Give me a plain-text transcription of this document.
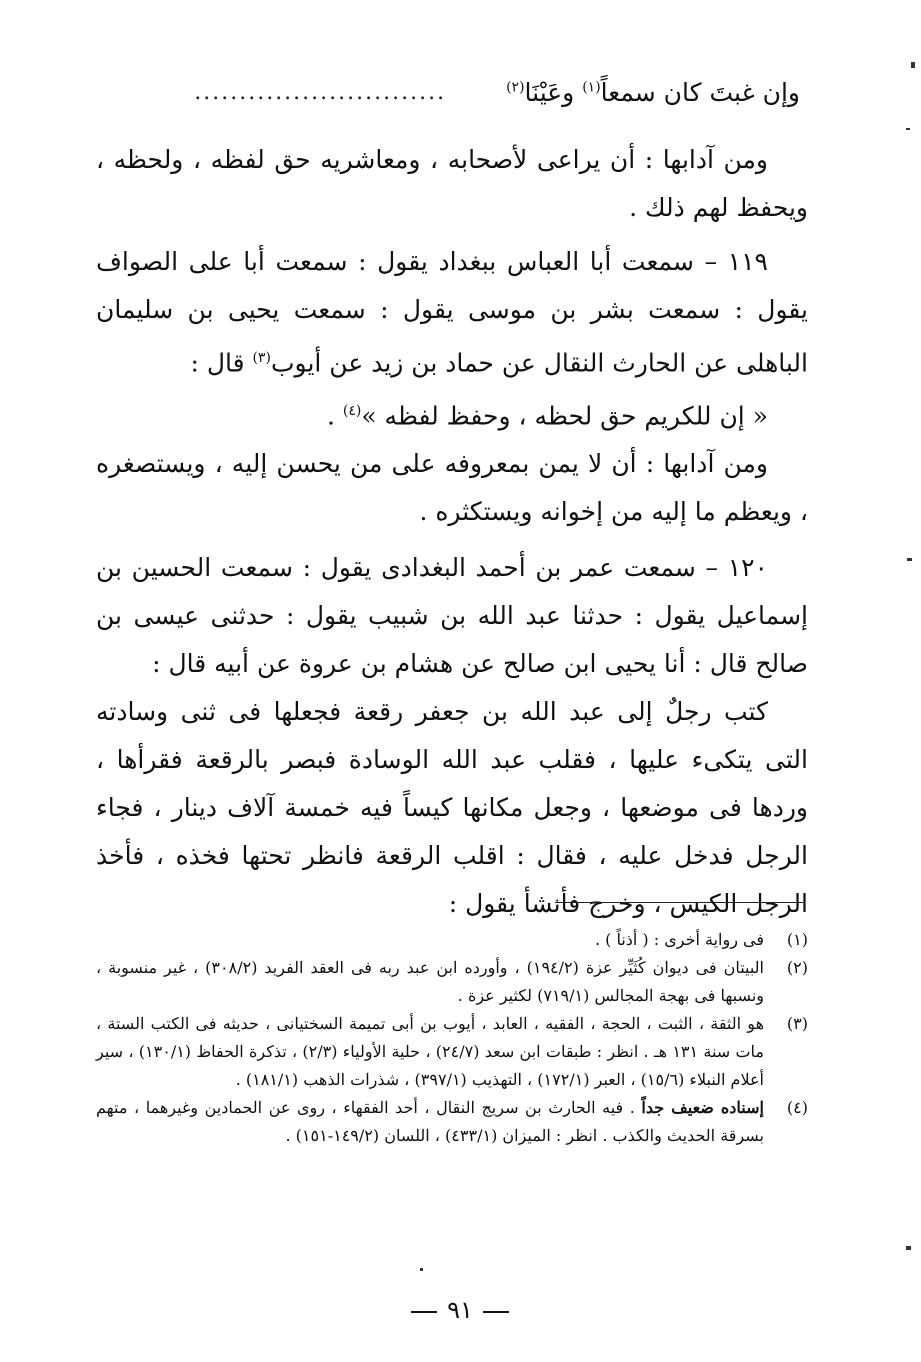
وإن غبتَ كان سمعاً$^{(١)}$ وعَيْنَا$^{(٢)}$
............................

ومن آدابها : أن يراعى لأصحابه ، ومعاشريه حق لفظه ، ولحظه ، ويحفظ لهم ذلك .

١١٩ – سمعت أبا العباس ببغداد يقول : سمعت أبا على الصواف يقول : سمعت بشر بن موسى يقول : سمعت يحيى بن سليمان الباهلى عن الحارث النقال عن حماد بن زيد عن أيوب$^{(٣)}$ قال :

« إن للكريم حق لحظه ، وحفظ لفظه »$^{(٤)}$ .

ومن آدابها : أن لا يمن بمعروفه على من يحسن إليه ، ويستصغره ، ويعظم ما إليه من إخوانه ويستكثره .

١٢٠ – سمعت عمر بن أحمد البغدادى يقول : سمعت الحسين بن إسماعيل يقول : حدثنا عبد الله بن شبيب يقول : حدثنى عيسى بن صالح قال : أنا يحيى ابن صالح عن هشام بن عروة عن أبيه قال :

كتب رجلٌ إلى عبد الله بن جعفر رقعة فجعلها فى ثنى وسادته التى يتكىء عليها ، فقلب عبد الله الوسادة فبصر بالرقعة فقرأها ، وردها فى موضعها ، وجعل مكانها كيساً فيه خمسة آلاف دينار ، فجاء الرجل فدخل عليه ، فقال : اقلب الرقعة فانظر تحتها فخذه ، فأخذ الرجل الكيس ، وخرج فأنشأ يقول :

(١)
فى رواية أخرى : ( أذناً ) .
(٢)
البيتان فى ديوان كُثَيِّر عزة (١٩٤/٢) ، وأورده ابن عبد ربه فى العقد الفريد (٣٠٨/٢) ، غير منسوبة ، ونسبها فى بهجة المجالس (٧١٩/١) لكثير عزة .
(٣)
هو الثقة ، الثبت ، الحجة ، الفقيه ، العابد ، أيوب بن أبى تميمة السختيانى ، حديثه فى الكتب الستة ، مات سنة ١٣١ هـ . انظر : طبقات ابن سعد (٢٤/٧) ، حلية الأولياء (٢/٣) ، تذكرة الحفاظ (١٣٠/١) ، سير أعلام النبلاء (١٥/٦) ، العبر (١٧٢/١) ، التهذيب (٣٩٧/١) ، شذرات الذهب (١٨١/١) .
(٤)
إسناده ضعيف جداً . فيه الحارث بن سريج النقال ، أحد الفقهاء ، روى عن الحمادين وغيرهما ، متهم بسرقة الحديث والكذب . انظر : الميزان (٤٣٣/١) ، اللسان (١٤٩/٢-١٥١) .
٩١
